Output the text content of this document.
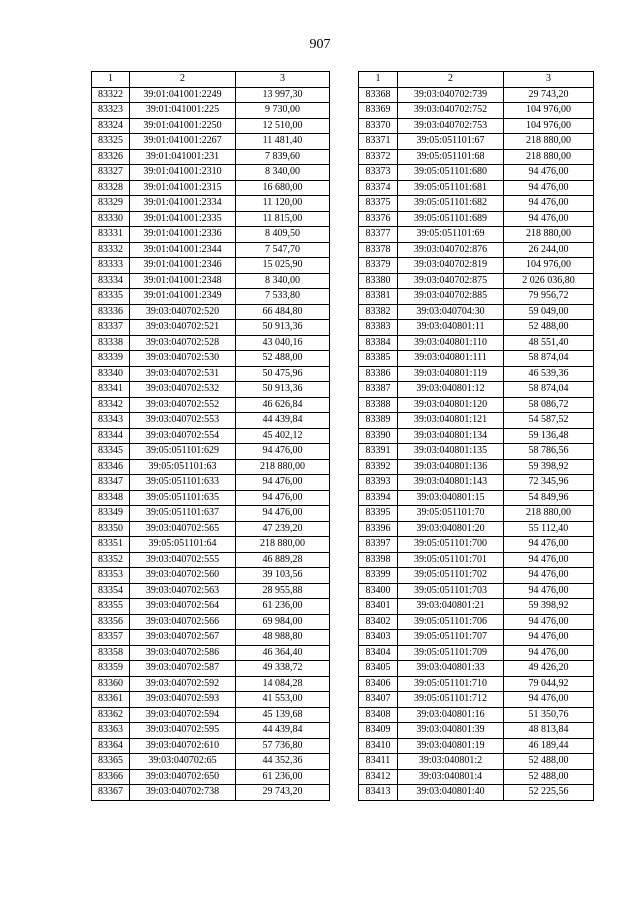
907
1	2	3
83322	39:01:041001:2249	13 997,30
83323	39:01:041001:225	9 730,00
83324	39:01:041001:2250	12 510,00
83325	39:01:041001:2267	11 481,40
83326	39:01:041001:231	7 839,60
83327	39:01:041001:2310	8 340,00
83328	39:01:041001:2315	16 680,00
83329	39:01:041001:2334	11 120,00
83330	39:01:041001:2335	11 815,00
83331	39:01:041001:2336	8 409,50
83332	39:01:041001:2344	7 547,70
83333	39:01:041001:2346	15 025,90
83334	39:01:041001:2348	8 340,00
83335	39:01:041001:2349	7 533,80
83336	39:03:040702:520	66 484,80
83337	39:03:040702:521	50 913,36
83338	39:03:040702:528	43 040,16
83339	39:03:040702:530	52 488,00
83340	39:03:040702:531	50 475,96
83341	39:03:040702:532	50 913,36
83342	39:03:040702:552	46 626,84
83343	39:03:040702:553	44 439,84
83344	39:03:040702:554	45 402,12
83345	39:05:051101:629	94 476,00
83346	39:05:051101:63	218 880,00
83347	39:05:051101:633	94 476,00
83348	39:05:051101:635	94 476,00
83349	39:05:051101:637	94 476,00
83350	39:03:040702:565	47 239,20
83351	39:05:051101:64	218 880,00
83352	39:03:040702:555	46 889,28
83353	39:03:040702:560	39 103,56
83354	39:03:040702:563	28 955,88
83355	39:03:040702:564	61 236,00
83356	39:03:040702:566	69 984,00
83357	39:03:040702:567	48 988,80
83358	39:03:040702:586	46 364,40
83359	39:03:040702:587	49 338,72
83360	39:03:040702:592	14 084,28
83361	39:03:040702:593	41 553,00
83362	39:03:040702:594	45 139,68
83363	39:03:040702:595	44 439,84
83364	39:03:040702:610	57 736,80
83365	39:03:040702:65	44 352,36
83366	39:03:040702:650	61 236,00
83367	39:03:040702:738	29 743,20
1	2	3
83368	39:03:040702:739	29 743,20
83369	39:03:040702:752	104 976,00
83370	39:03:040702:753	104 976,00
83371	39:05:051101:67	218 880,00
83372	39:05:051101:68	218 880,00
83373	39:05:051101:680	94 476,00
83374	39:05:051101:681	94 476,00
83375	39:05:051101:682	94 476,00
83376	39:05:051101:689	94 476,00
83377	39:05:051101:69	218 880,00
83378	39:03:040702:876	26 244,00
83379	39:03:040702:819	104 976,00
83380	39:03:040702:875	2 026 036,80
83381	39:03:040702:885	79 956,72
83382	39:03:040704:30	59 049,00
83383	39:03:040801:11	52 488,00
83384	39:03:040801:110	48 551,40
83385	39:03:040801:111	58 874,04
83386	39:03:040801:119	46 539,36
83387	39:03:040801:12	58 874,04
83388	39:03:040801:120	58 086,72
83389	39:03:040801:121	54 587,52
83390	39:03:040801:134	59 136,48
83391	39:03:040801:135	58 786,56
83392	39:03:040801:136	59 398,92
83393	39:03:040801:143	72 345,96
83394	39:03:040801:15	54 849,96
83395	39:05:051101:70	218 880,00
83396	39:03:040801:20	55 112,40
83397	39:05:051101:700	94 476,00
83398	39:05:051101:701	94 476,00
83399	39:05:051101:702	94 476,00
83400	39:05:051101:703	94 476,00
83401	39:03:040801:21	59 398,92
83402	39:05:051101:706	94 476,00
83403	39:05:051101:707	94 476,00
83404	39:05:051101:709	94 476,00
83405	39:03:040801:33	49 426,20
83406	39:05:051101:710	79 044,92
83407	39:05:051101:712	94 476,00
83408	39:03:040801:16	51 350,76
83409	39:03:040801:39	48 813,84
83410	39:03:040801:19	46 189,44
83411	39:03:040801:2	52 488,00
83412	39:03:040801:4	52 488,00
83413	39:03:040801:40	52 225,56
